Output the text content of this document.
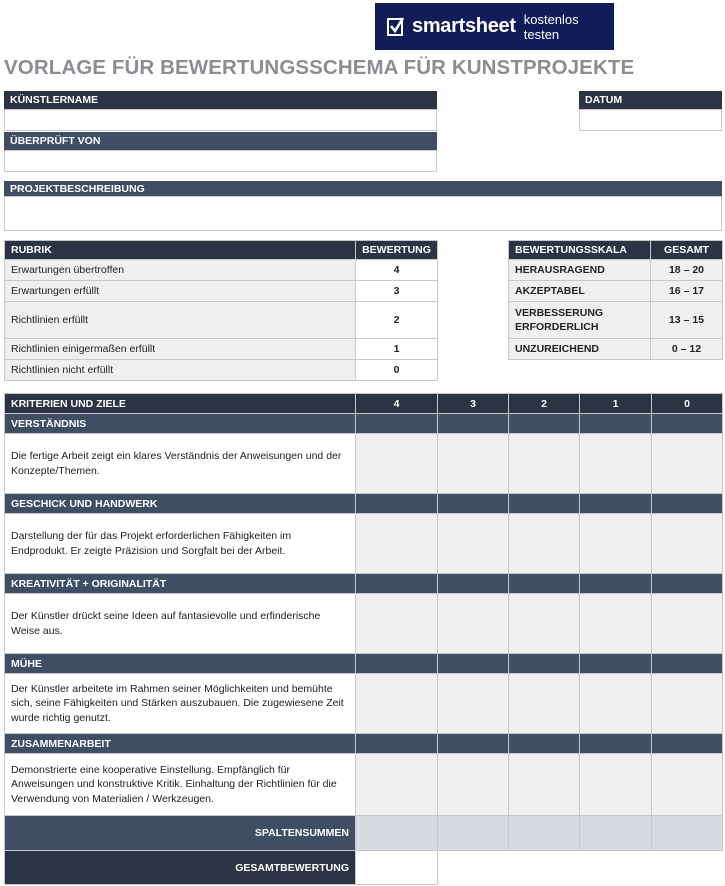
smartsheet kostenlos testen
VORLAGE FÜR BEWERTUNGSSCHEMA FÜR KUNSTPROJEKTE
KÜNSTLERNAME
ÜBERPRÜFT VON
DATUM
PROJEKTBESCHREIBUNG
RUBRIK	BEWERTUNG
Erwartungen übertroffen	4
Erwartungen erfüllt	3
Richtlinien erfüllt	2
Richtlinien einigermaßen erfüllt	1
Richtlinien nicht erfüllt	0
BEWERTUNGSSKALA	GESAMT
HERAUSRAGEND	18 – 20
AKZEPTABEL	16 – 17
VERBESSERUNG ERFORDERLICH	13 – 15
UNZUREICHEND	0 – 12
KRITERIEN UND ZIELE	4	3	2	1	0
VERSTÄNDNIS					
Die fertige Arbeit zeigt ein klares Verständnis der Anweisungen und der Konzepte/Themen.					
GESCHICK UND HANDWERK					
Darstellung der für das Projekt erforderlichen Fähigkeiten im Endprodukt. Er zeigte Präzision und Sorgfalt bei der Arbeit.					
KREATIVITÄT + ORIGINALITÄT					
Der Künstler drückt seine Ideen auf fantasievolle und erfinderische Weise aus.					
MÜHE					
Der Künstler arbeitete im Rahmen seiner Möglichkeiten und bemühte sich, seine Fähigkeiten und Stärken auszubauen. Die zugewiesene Zeit wurde richtig genutzt.					
ZUSAMMENARBEIT					
Demonstrierte eine kooperative Einstellung. Empfänglich für Anweisungen und konstruktive Kritik. Einhaltung der Richtlinien für die Verwendung von Materialien / Werkzeugen.					
SPALTENSUMMEN					
GESAMTBEWERTUNG					
